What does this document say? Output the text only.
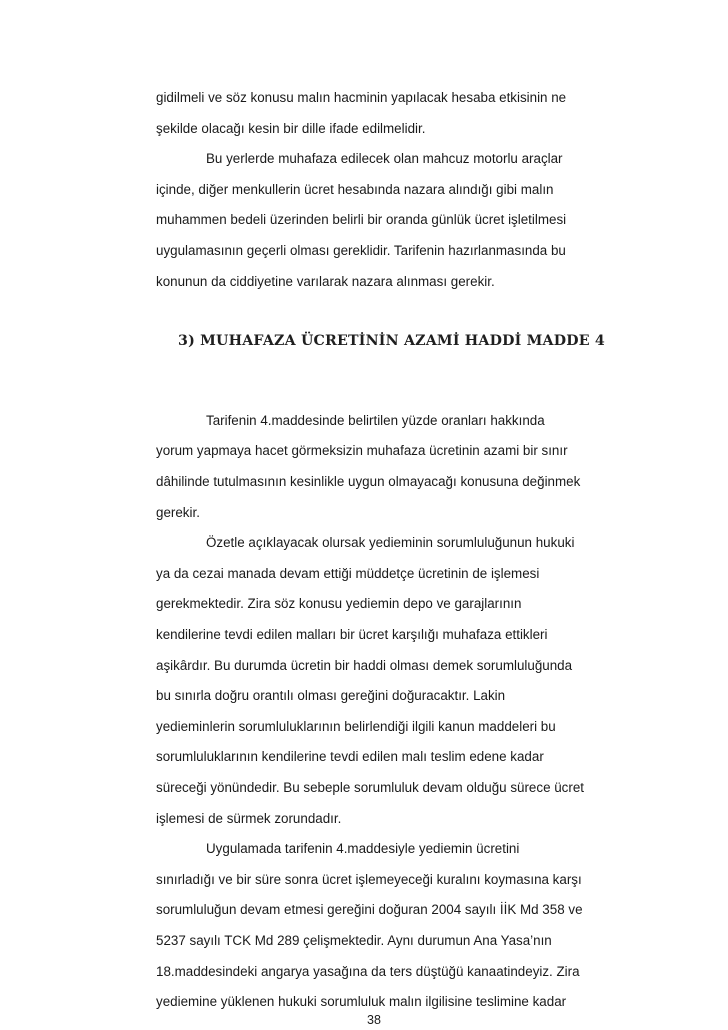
gidilmeli ve söz konusu malın hacminin yapılacak hesaba etkisinin ne
şekilde olacağı kesin bir dille ifade edilmelidir.
Bu yerlerde muhafaza edilecek olan mahcuz motorlu araçlar
içinde, diğer menkullerin ücret hesabında nazara alındığı gibi malın
muhammen bedeli üzerinden belirli bir oranda günlük ücret işletilmesi
uygulamasının geçerli olması gereklidir. Tarifenin hazırlanmasında bu
konunun da ciddiyetine varılarak nazara alınması gerekir.
3) MUHAFAZA ÜCRETİNİN AZAMİ HADDİ MADDE 4
Tarifenin 4.maddesinde belirtilen yüzde oranları hakkında
yorum yapmaya hacet görmeksizin muhafaza ücretinin azami bir sınır
dâhilinde tutulmasının kesinlikle uygun olmayacağı konusuna değinmek
gerekir.
Özetle açıklayacak olursak yedieminin sorumluluğunun hukuki
ya da cezai manada devam ettiği müddetçe ücretinin de işlemesi
gerekmektedir. Zira söz konusu yediemin depo ve garajlarının
kendilerine tevdi edilen malları bir ücret karşılığı muhafaza ettikleri
aşikârdır. Bu durumda ücretin bir haddi olması demek sorumluluğunda
bu sınırla doğru orantılı olması gereğini doğuracaktır. Lakin
yedieminlerin sorumluluklarının belirlendiği ilgili kanun maddeleri bu
sorumluluklarının kendilerine tevdi edilen malı teslim edene kadar
süreceği yönündedir. Bu sebeple sorumluluk devam olduğu sürece ücret
işlemesi de sürmek zorundadır.
Uygulamada tarifenin 4.maddesiyle yediemin ücretini
sınırladığı ve bir süre sonra ücret işlemeyeceği kuralını koymasına karşı
sorumluluğun devam etmesi gereğini doğuran 2004 sayılı İİK Md 358 ve
5237 sayılı TCK Md 289 çelişmektedir. Aynı durumun Ana Yasa’nın
18.maddesindeki angarya yasağına da ters düştüğü kanaatindeyiz. Zira
yediemine yüklenen hukuki sorumluluk malın ilgilisine teslimine kadar
38
